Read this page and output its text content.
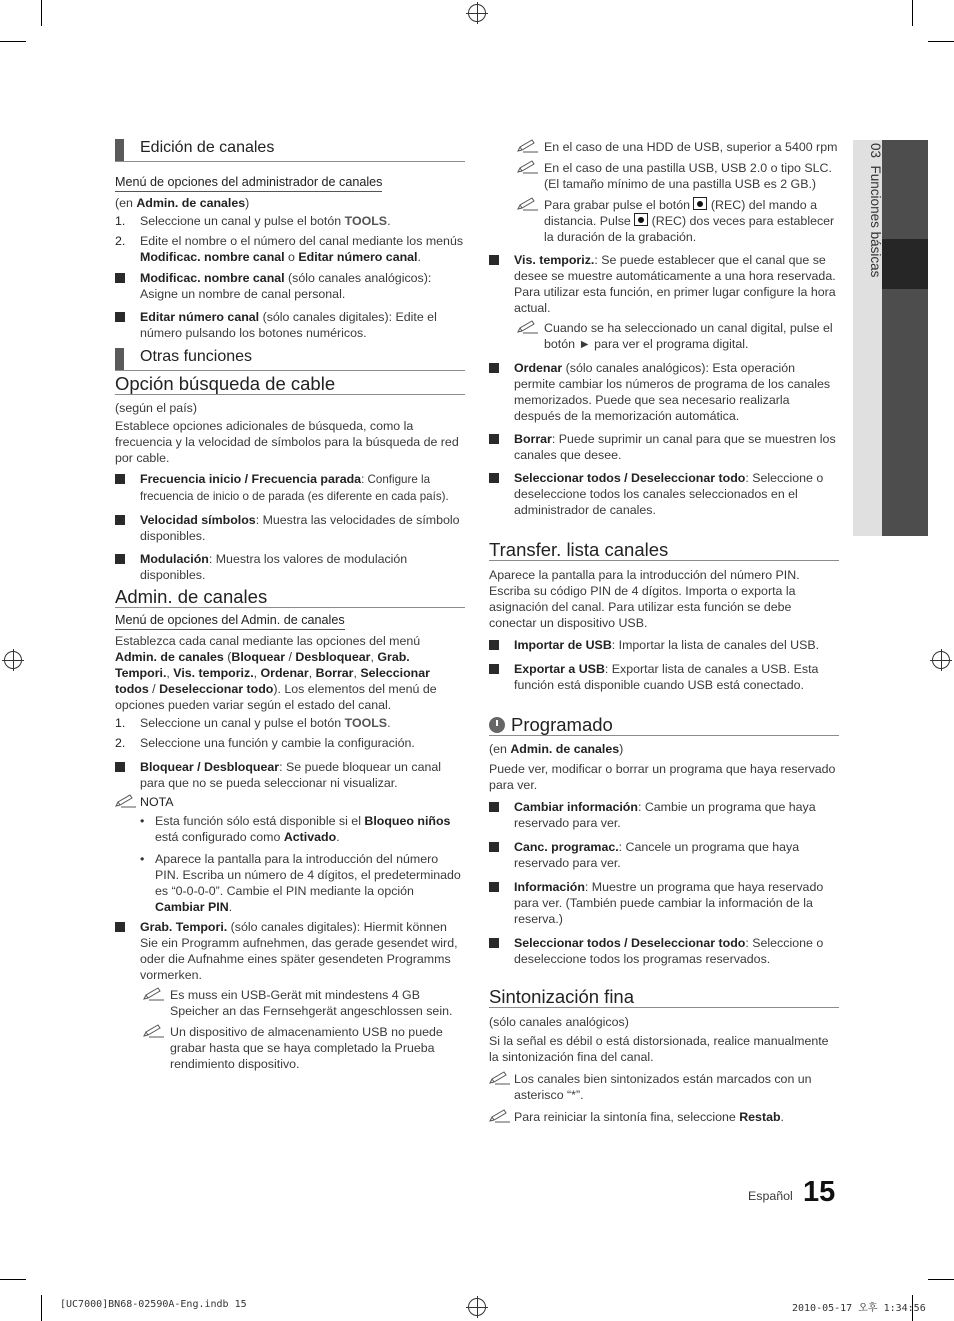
03  Funciones básicas
Edición de canales
Menú de opciones del administrador de canales

(en Admin. de canales)

1. Seleccione un canal y pulse el botón TOOLS.

2. Edite el nombre o el número del canal mediante los menús Modificac. nombre canal o Editar número canal.

Modificac. nombre canal (sólo canales analógicos): Asigne un nombre de canal personal.

Editar número canal (sólo canales digitales): Edite el número pulsando los botones numéricos.

Otras funciones
Opción búsqueda de cable

(según el país)

Establece opciones adicionales de búsqueda, como la frecuencia y la velocidad de símbolos para la búsqueda de red por cable.

Frecuencia inicio / Frecuencia parada: Configure la frecuencia de inicio o de parada (es diferente en cada país).

Velocidad símbolos: Muestra las velocidades de símbolo disponibles.

Modulación: Muestra los valores de modulación disponibles.

Admin. de canales
Menú de opciones del Admin. de canales

Establezca cada canal mediante las opciones del menú Admin. de canales (Bloquear / Desbloquear, Grab. Tempori., Vis. temporiz., Ordenar, Borrar, Seleccionar todos / Deseleccionar todo). Los elementos del menú de opciones pueden variar según el estado del canal.

1. Seleccione un canal y pulse el botón TOOLS.

2. Seleccione una función y cambie la configuración.

Bloquear / Desbloquear: Se puede bloquear un canal para que no se pueda seleccionar ni visualizar.

NOTA

• Esta función sólo está disponible si el Bloqueo niños está configurado como Activado.

• Aparece la pantalla para la introducción del número PIN. Escriba un número de 4 dígitos, el predeterminado es “0-0-0-0”. Cambie el PIN mediante la opción Cambiar PIN.

Grab. Tempori. (sólo canales digitales): Hiermit können Sie ein Programm aufnehmen, das gerade gesendet wird, oder die Aufnahme eines später gesendeten Programms vormerken.

Es muss ein USB-Gerät mit mindestens 4 GB Speicher an das Fernsehgerät angeschlossen sein.

Un dispositivo de almacenamiento USB no puede grabar hasta que se haya completado la Prueba rendimiento dispositivo.

En el caso de una HDD de USB, superior a 5400 rpm

En el caso de una pastilla USB, USB 2.0 o tipo SLC. (El tamaño mínimo de una pastilla USB es 2 GB.)

Para grabar pulse el botón  (REC) del mando a distancia. Pulse  (REC) dos veces para establecer la duración de la grabación.

Vis. temporiz.: Se puede establecer que el canal que se desee se muestre automáticamente a una hora reservada. Para utilizar esta función, en primer lugar configure la hora actual.

Cuando se ha seleccionado un canal digital, pulse el botón ► para ver el programa digital.

Ordenar (sólo canales analógicos): Esta operación permite cambiar los números de programa de los canales memorizados. Puede que sea necesario realizarla después de la memorización automática.

Borrar: Puede suprimir un canal para que se muestren los canales que desee.

Seleccionar todos / Deseleccionar todo: Seleccione o deseleccione todos los canales seleccionados en el administrador de canales.

Transfer. lista canales

Aparece la pantalla para la introducción del número PIN. Escriba su código PIN de 4 dígitos. Importa o exporta la asignación del canal. Para utilizar esta función se debe conectar un dispositivo USB.

Importar de USB: Importar la lista de canales del USB.

Exportar a USB: Exportar lista de canales a USB. Esta función está disponible cuando USB está conectado.

Programado

(en Admin. de canales)

Puede ver, modificar o borrar un programa que haya reservado para ver.

Cambiar información: Cambie un programa que haya reservado para ver.

Canc. programac.: Cancele un programa que haya reservado para ver.

Información: Muestre un programa que haya reservado para ver. (También puede cambiar la información de la reserva.)

Seleccionar todos / Deseleccionar todo: Seleccione o deseleccione todos los programas reservados.

Sintonización fina

(sólo canales analógicos)

Si la señal es débil o está distorsionada, realice manualmente la sintonización fina del canal.

Los canales bien sintonizados están marcados con un asterisco “*”.

Para reiniciar la sintonía fina, seleccione Restab.

Español 15
[UC7000]BN68-02590A-Eng.indb 15	2010-05-17 오후 1:34:56
